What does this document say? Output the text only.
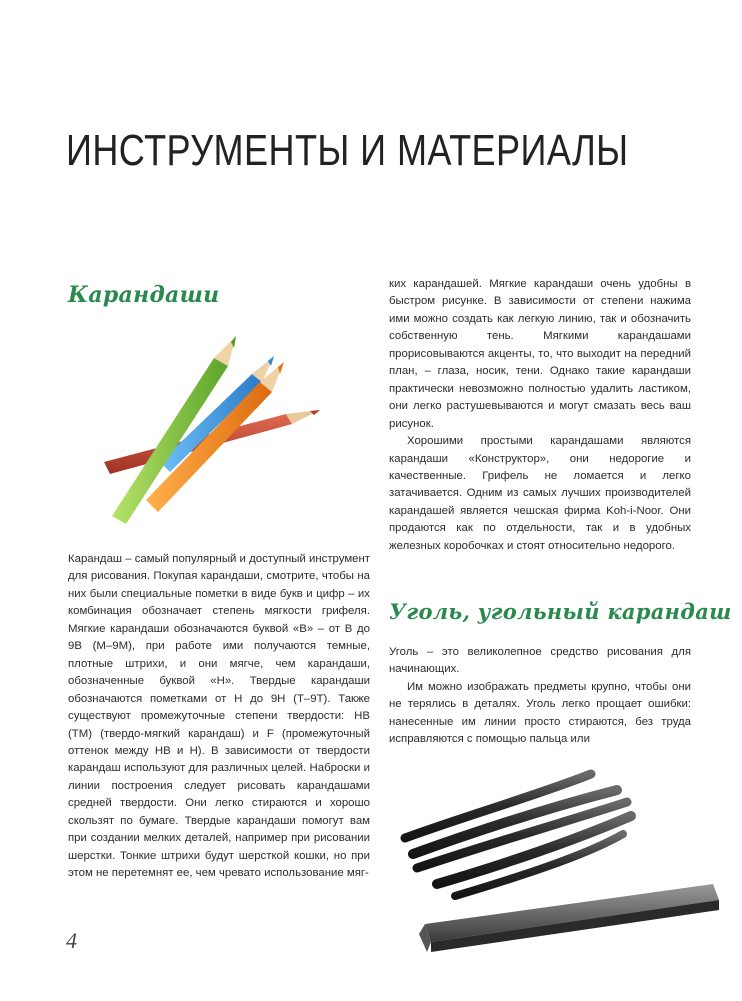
ИНСТРУМЕНТЫ И МАТЕРИАЛЫ
Карандаши

Карандаш – самый популярный и доступный инструмент для рисования. Покупая карандаши, смотрите, чтобы на них были специальные пометки в виде букв и цифр – их комбинация обозначает степень мягкости грифеля. Мягкие карандаши обозначаются буквой «B» – от B до 9B (M–9M), при работе ими получаются темные, плотные штрихи, и они мягче, чем карандаши, обозначенные буквой «H». Твердые карандаши обозначаются пометками от H до 9H (T–9T). Также существуют промежуточные степени твердости: HB (TM) (твердо-мягкий карандаш) и F (промежуточный оттенок между HB и H). В зависимости от твердости карандаш используют для различных целей. Наброски и линии построения следует рисовать карандашами средней твердости. Они легко стираются и хорошо скользят по бумаге. Твердые карандаши помогут вам при создании мелких деталей, например при рисовании шерстки. Тонкие штрихи будут шерсткой кошки, но при этом не перетемнят ее, чем чревато использование мяг-

ких карандашей. Мягкие карандаши очень удобны в быстром рисунке. В зависимости от степени нажима ими можно создать как легкую линию, так и обозначить собственную тень. Мягкими карандашами прорисовываются акценты, то, что выходит на передний план, – глаза, носик, тени. Однако такие карандаши практически невозможно полностью удалить ластиком, они легко растушевываются и могут смазать весь ваш рисунок.

Хорошими простыми карандашами являются карандаши «Конструктор», они недорогие и качественные. Грифель не ломается и легко затачивается. Одним из самых лучших производителей карандашей является чешская фирма Koh-i-Noor. Они продаются как по отдельности, так и в удобных железных коробочках и стоят относительно недорого.

Уголь, угольный карандаш

Уголь – это великолепное средство рисования для начинающих.

Им можно изображать предметы крупно, чтобы они не терялись в деталях. Уголь легко прощает ошибки: нанесенные им линии просто стираются, без труда исправляются с помощью пальца или

4
